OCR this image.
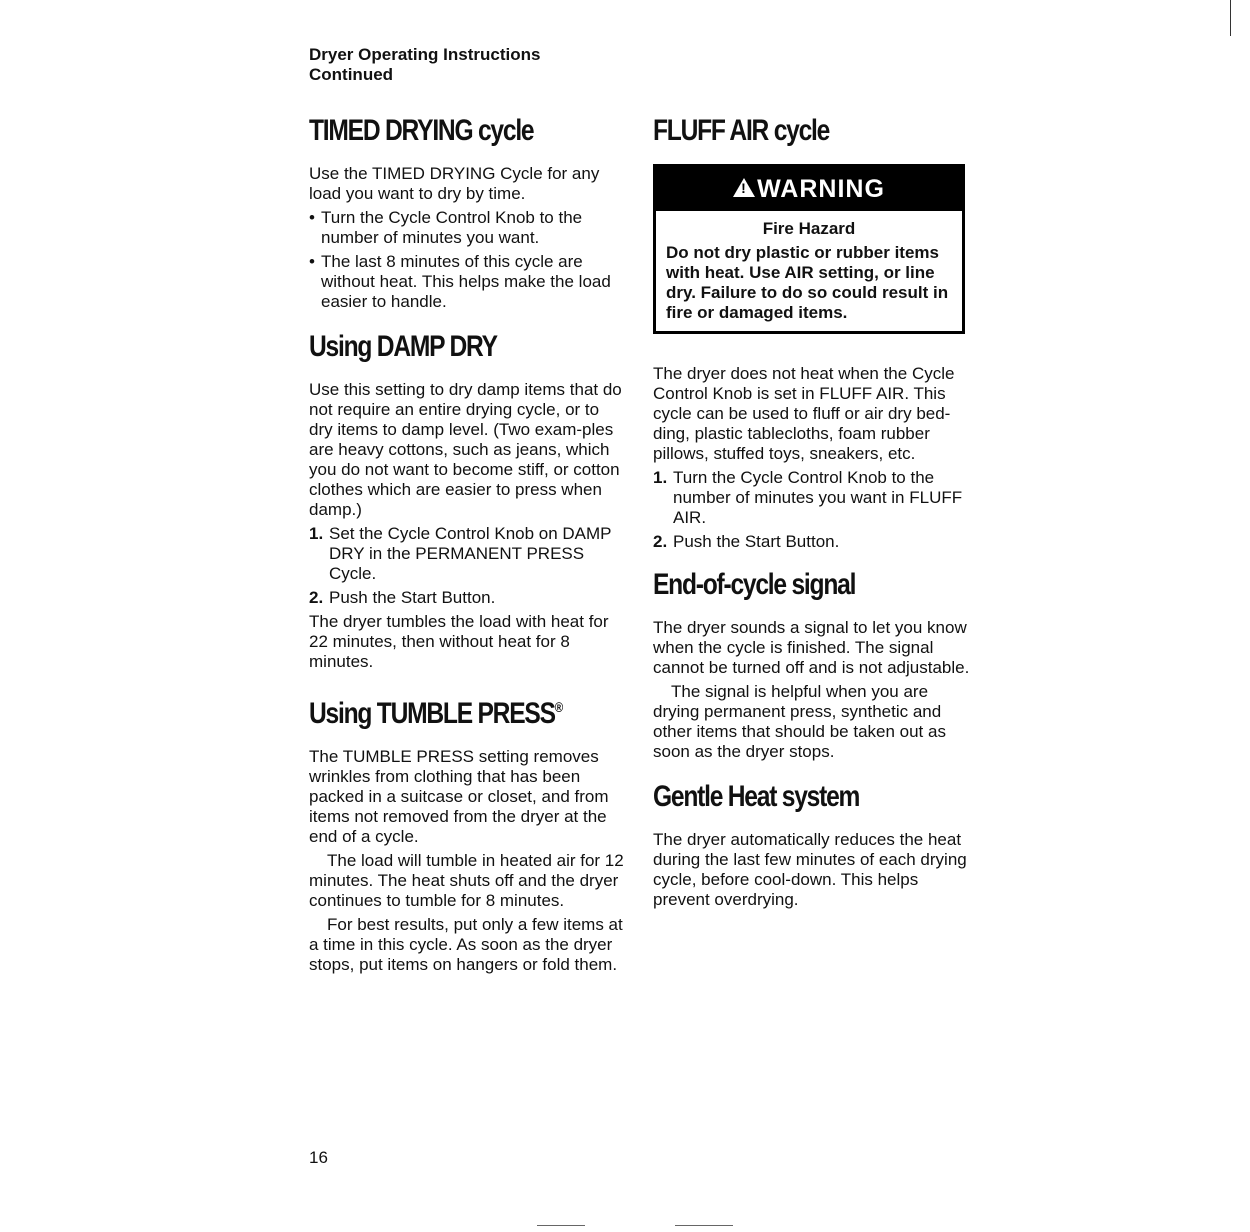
Dryer Operating Instructions
Continued
TIMED DRYING cycle

Use the TIMED DRYING Cycle for any load you want to dry by time.

• Turn the Cycle Control Knob to the number of minutes you want.
• The last 8 minutes of this cycle are without heat. This helps make the load easier to handle.
Using DAMP DRY

Use this setting to dry damp items that do not require an entire drying cycle, or to dry items to damp level. (Two exam-ples are heavy cottons, such as jeans, which you do not want to become stiff, or cotton clothes which are easier to press when damp.)

1. Set the Cycle Control Knob on DAMP DRY in the PERMANENT PRESS Cycle.
2. Push the Start Button.

The dryer tumbles the load with heat for 22 minutes, then without heat for 8 minutes.

Using TUMBLE PRESS®

The TUMBLE PRESS setting removes wrinkles from clothing that has been packed in a suitcase or closet, and from items not removed from the dryer at the end of a cycle.

The load will tumble in heated air for 12 minutes. The heat shuts off and the dryer continues to tumble for 8 minutes.

For best results, put only a few items at a time in this cycle. As soon as the dryer stops, put items on hangers or fold them.

FLUFF AIR cycle
!WARNING
Fire Hazard
Do not dry plastic or rubber items with heat. Use AIR setting, or line dry. Failure to do so could result in fire or damaged items.

The dryer does not heat when the Cycle Control Knob is set in FLUFF AIR. This cycle can be used to fluff or air dry bed-ding, plastic tablecloths, foam rubber pillows, stuffed toys, sneakers, etc.

1. Turn the Cycle Control Knob to the number of minutes you want in FLUFF AIR.
2. Push the Start Button.
End-of-cycle signal

The dryer sounds a signal to let you know when the cycle is finished. The signal cannot be turned off and is not adjustable.

The signal is helpful when you are drying permanent press, synthetic and other items that should be taken out as soon as the dryer stops.

Gentle Heat system

The dryer automatically reduces the heat during the last few minutes of each drying cycle, before cool-down. This helps prevent overdrying.

16
